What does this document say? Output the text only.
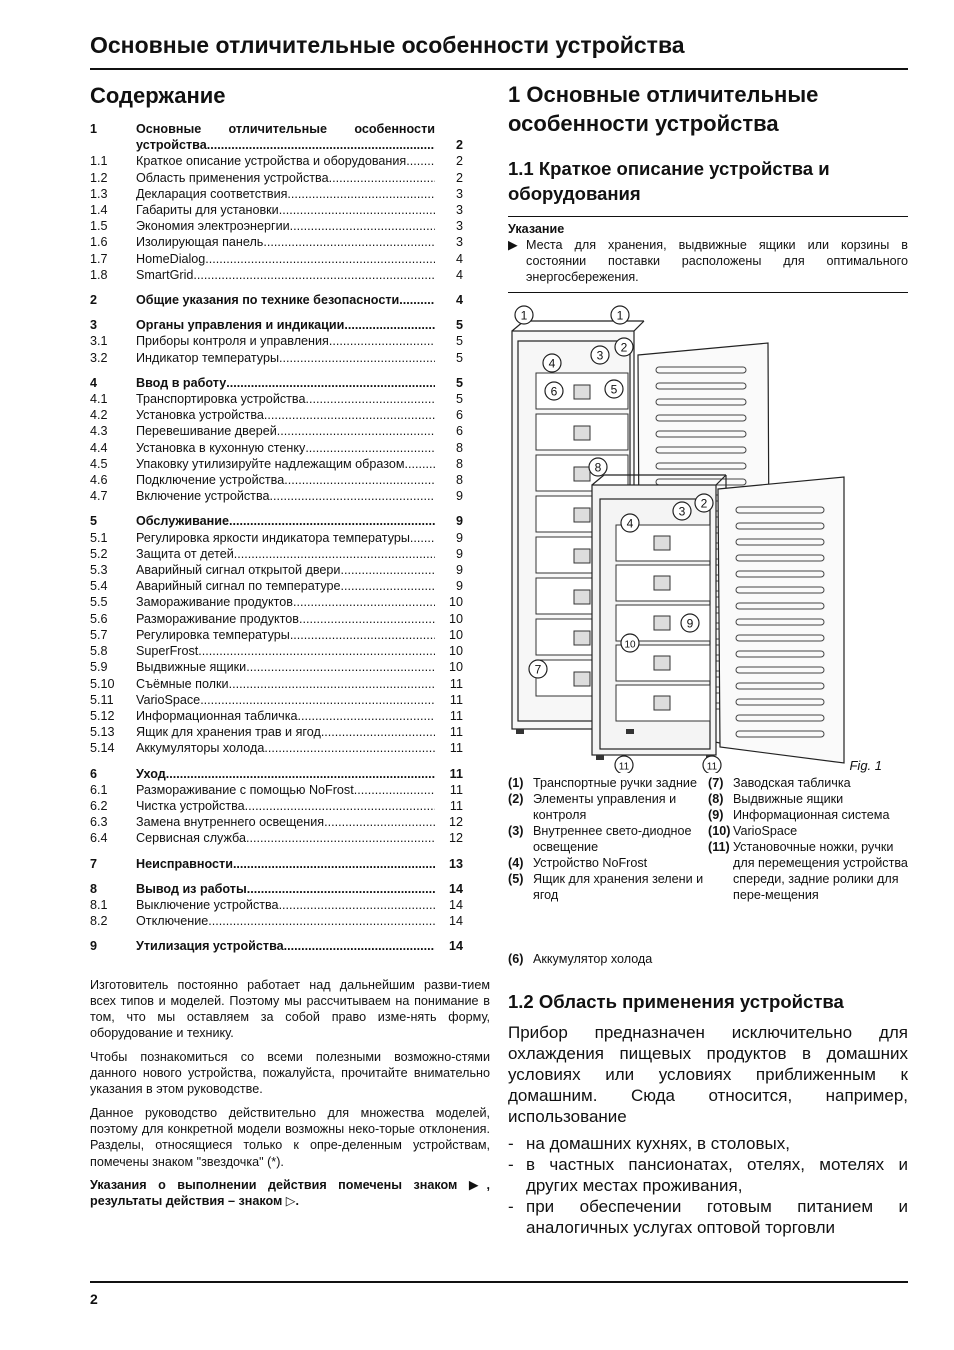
Основные отличительные особенности устройства
Содержание
1	Основные отличительные особенности
устройства .....	2
1.1	Краткое описание устройства и оборудования .....	2
1.2	Область применения устройства .....	2
1.3	Декларация соответствия .....	3
1.4	Габариты для установки .....	3
1.5	Экономия электроэнергии .....	3
1.6	Изолирующая панель .....	3
1.7	HomeDialog .....	4
1.8	SmartGrid .....	4
2	Общие указания по технике безопасности .....	4
3	Органы управления и индикации .....	5
3.1	Приборы контроля и управления .....	5
3.2	Индикатор температуры .....	5
4	Ввод в работу .....	5
4.1	Транспортировка устройства .....	5
4.2	Установка устройства .....	6
4.3	Перевешивание дверей .....	6
4.4	Установка в кухонную стенку .....	8
4.5	Упаковку утилизируйте надлежащим образом .....	8
4.6	Подключение устройства .....	8
4.7	Включение устройства .....	9
5	Обслуживание .....	9
5.1	Регулировка яркости индикатора температуры .....	9
5.2	Защита от детей .....	9
5.3	Аварийный сигнал открытой двери .....	9
5.4	Аварийный сигнал по температуре .....	9
5.5	Замораживание продуктов .....	10
5.6	Размораживание продуктов .....	10
5.7	Регулировка температуры .....	10
5.8	SuperFrost .....	10
5.9	Выдвижные ящики .....	10
5.10	Съёмные полки .....	11
5.11	VarioSpace .....	11
5.12	Информационная табличка .....	11
5.13	Ящик для хранения трав и ягод .....	11
5.14	Аккумуляторы холода .....	11
6	Уход .....	11
6.1	Размораживание с помощью NoFrost .....	11
6.2	Чистка устройства .....	11
6.3	Замена внутреннего освещения .....	12
6.4	Сервисная служба .....	12
7	Неисправности .....	13
8	Вывод из работы .....	14
8.1	Выключение устройства .....	14
8.2	Отключение .....	14
9	Утилизация устройства .....	14

Изготовитель постоянно работает над дальнейшим разви-тием всех типов и моделей. Поэтому мы рассчитываем на понимание в том, что мы оставляем за собой право изме-нять форму, оборудование и технику.

Чтобы познакомиться со всеми полезными возможно-стями данного нового устройства, пожалуйста, прочитайте внимательно указания в этом руководстве.

Данное руководство действительно для множества моделей, поэтому для конкретной модели возможны неко-торые отклонения. Разделы, относящиеся только к опре-деленным устройствам, помечены знаком "звездочка" (*).

Указания о выполнении действия помечены знаком ▶, результаты действия – знаком ▷.

1 Основные отличительные особенности устройства
1.1 Краткое описание устройства и оборудования
Указание
▶ Места для хранения, выдвижные ящики или корзины в состоянии поставки расположены для оптимального энергосбережения.
1	1
2
3
4
6	5
8
2
3
4
9
10
7
11	11	Fig. 1
(1) Транспортные ручки задние
(2) Элементы управления и контроля
(3) Внутреннее свето-диодное освещение
(4) Устройство NoFrost
(5) Ящик для хранения зелени и ягод
(6) Аккумулятор холода
(7) Заводская табличка
(8) Выдвижные ящики
(9) Информационная система
(10) VarioSpace
(11) Установочные ножки, ручки для перемещения устройства спереди, задние ролики для пере-мещения
1.2 Область применения устройства

Прибор предназначен исключительно для охлаждения пищевых продуктов в домашних условиях или условиях приближенным к домашним. Сюда относится, например, использование

- на домашних кухнях, в столовых,
- в частных пансионатах, отелях, мотелях и других местах проживания,
- при обеспечении готовым питанием и аналогичных услугах оптовой торговли
2
